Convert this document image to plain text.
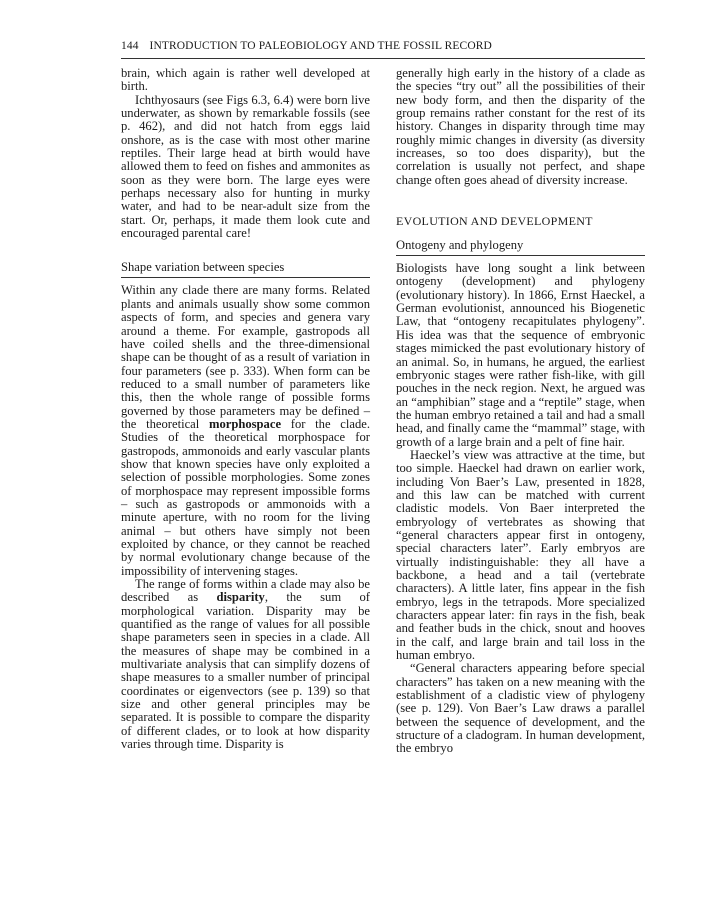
144 INTRODUCTION TO PALEOBIOLOGY AND THE FOSSIL RECORD

brain, which again is rather well developed at birth.

Ichthyosaurs (see Figs 6.3, 6.4) were born live underwater, as shown by remarkable fossils (see p. 462), and did not hatch from eggs laid onshore, as is the case with most other marine reptiles. Their large head at birth would have allowed them to feed on fishes and ammonites as soon as they were born. The large eyes were perhaps necessary also for hunting in murky water, and had to be near-adult size from the start. Or, perhaps, it made them look cute and encouraged parental care!

Shape variation between species

Within any clade there are many forms. Related plants and animals usually show some common aspects of form, and species and genera vary around a theme. For example, gastropods all have coiled shells and the three-dimensional shape can be thought of as a result of variation in four parameters (see p. 333). When form can be reduced to a small number of parameters like this, then the whole range of possible forms governed by those parameters may be defined – the theoretical morphospace for the clade. Studies of the theoretical morphospace for gastropods, ammonoids and early vascular plants show that known species have only exploited a selection of possible morphologies. Some zones of morphospace may represent impossible forms – such as gastropods or ammonoids with a minute aperture, with no room for the living animal – but others have simply not been exploited by chance, or they cannot be reached by normal evolutionary change because of the impossibility of intervening stages.

The range of forms within a clade may also be described as disparity, the sum of morphological variation. Disparity may be quantified as the range of values for all possible shape parameters seen in species in a clade. All the measures of shape may be combined in a multivariate analysis that can simplify dozens of shape measures to a smaller number of principal coordinates or eigenvectors (see p. 139) so that size and other general principles may be separated. It is possible to compare the disparity of different clades, or to look at how disparity varies through time. Disparity is

generally high early in the history of a clade as the species “try out” all the possibilities of their new body form, and then the disparity of the group remains rather constant for the rest of its history. Changes in disparity through time may roughly mimic changes in diversity (as diversity increases, so too does disparity), but the correlation is usually not perfect, and shape change often goes ahead of diversity increase.

EVOLUTION AND DEVELOPMENT
Ontogeny and phylogeny

Biologists have long sought a link between ontogeny (development) and phylogeny (evolutionary history). In 1866, Ernst Haeckel, a German evolutionist, announced his Biogenetic Law, that “ontogeny recapitulates phylogeny”. His idea was that the sequence of embryonic stages mimicked the past evolutionary history of an animal. So, in humans, he argued, the earliest embryonic stages were rather fish-like, with gill pouches in the neck region. Next, he argued was an “amphibian” stage and a “reptile” stage, when the human embryo retained a tail and had a small head, and finally came the “mammal” stage, with growth of a large brain and a pelt of fine hair.

Haeckel’s view was attractive at the time, but too simple. Haeckel had drawn on earlier work, including Von Baer’s Law, presented in 1828, and this law can be matched with current cladistic models. Von Baer interpreted the embryology of vertebrates as showing that “general characters appear first in ontogeny, special characters later”. Early embryos are virtually indistinguishable: they all have a backbone, a head and a tail (vertebrate characters). A little later, fins appear in the fish embryo, legs in the tetrapods. More specialized characters appear later: fin rays in the fish, beak and feather buds in the chick, snout and hooves in the calf, and large brain and tail loss in the human embryo.

“General characters appearing before special characters” has taken on a new meaning with the establishment of a cladistic view of phylogeny (see p. 129). Von Baer’s Law draws a parallel between the sequence of development, and the structure of a cladogram. In human development, the embryo
